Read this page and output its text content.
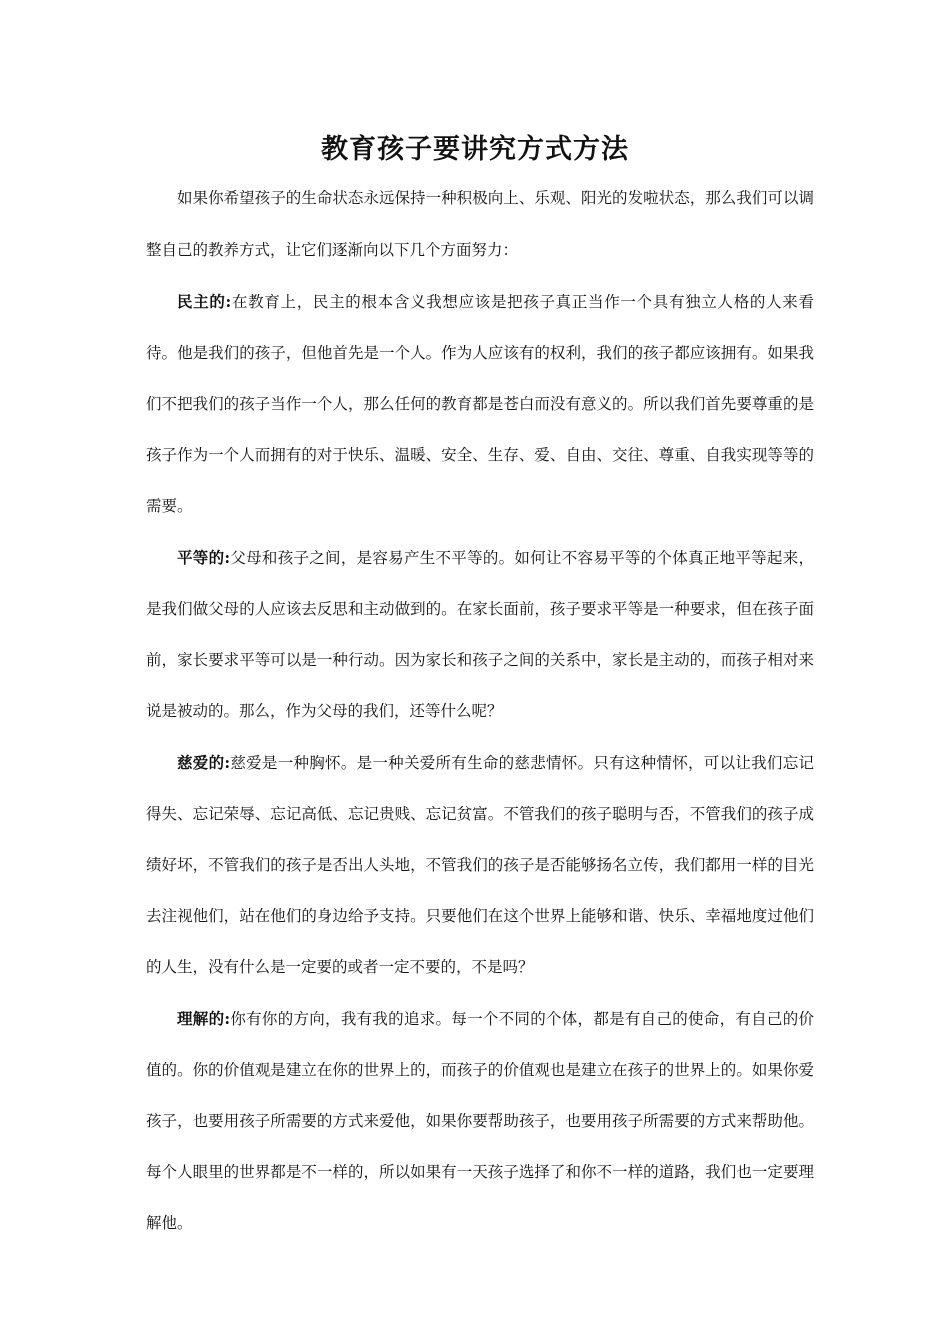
教育孩子要讲究方式方法

如果你希望孩子的生命状态永远保持一种积极向上、乐观、阳光的发啦状态，那么我们可以调整自己的教养方式，让它们逐渐向以下几个方面努力：

民主的:在教育上，民主的根本含义我想应该是把孩子真正当作一个具有独立人格的人来看待。他是我们的孩子，但他首先是一个人。作为人应该有的权利，我们的孩子都应该拥有。如果我们不把我们的孩子当作一个人，那么任何的教育都是苍白而没有意义的。所以我们首先要尊重的是孩子作为一个人而拥有的对于快乐、温暖、安全、生存、爱、自由、交往、尊重、自我实现等等的需要。

平等的:父母和孩子之间，是容易产生不平等的。如何让不容易平等的个体真正地平等起来，是我们做父母的人应该去反思和主动做到的。在家长面前，孩子要求平等是一种要求，但在孩子面前，家长要求平等可以是一种行动。因为家长和孩子之间的关系中，家长是主动的，而孩子相对来说是被动的。那么，作为父母的我们，还等什么呢？

慈爱的:慈爱是一种胸怀。是一种关爱所有生命的慈悲情怀。只有这种情怀，可以让我们忘记得失、忘记荣辱、忘记高低、忘记贵贱、忘记贫富。不管我们的孩子聪明与否，不管我们的孩子成绩好坏，不管我们的孩子是否出人头地，不管我们的孩子是否能够扬名立传，我们都用一样的目光去注视他们，站在他们的身边给予支持。只要他们在这个世界上能够和谐、快乐、幸福地度过他们的人生，没有什么是一定要的或者一定不要的，不是吗？

理解的:你有你的方向，我有我的追求。每一个不同的个体，都是有自己的使命，有自己的价值的。你的价值观是建立在你的世界上的，而孩子的价值观也是建立在孩子的世界上的。如果你爱孩子，也要用孩子所需要的方式来爱他，如果你要帮助孩子，也要用孩子所需要的方式来帮助他。每个人眼里的世界都是不一样的，所以如果有一天孩子选择了和你不一样的道路，我们也一定要理解他。
